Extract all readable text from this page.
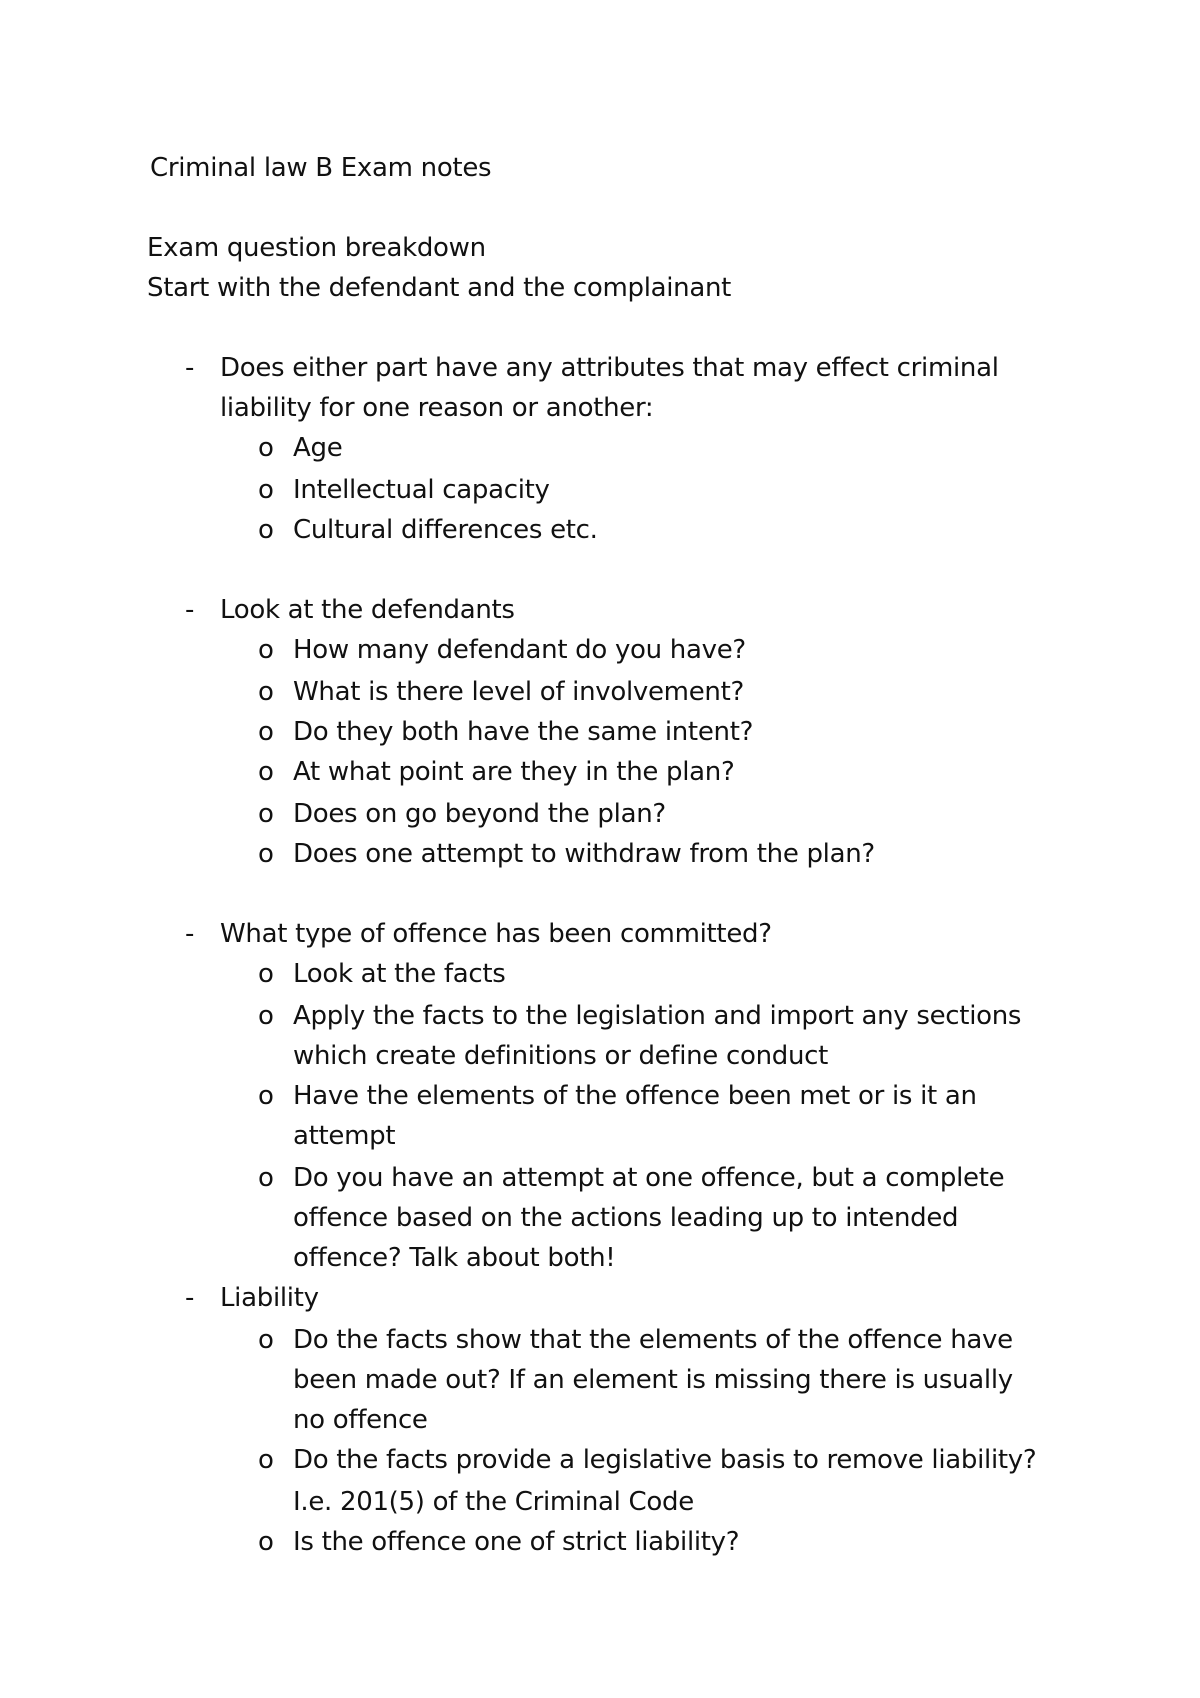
Criminal law B Exam notes
Exam question breakdown
Start with the defendant and the complainant
- Does either part have any attributes that may effect criminal
liability for one reason or another:
o Age
o Intellectual capacity
o Cultural differences etc.
- Look at the defendants
o How many defendant do you have?
o What is there level of involvement?
o Do they both have the same intent?
o At what point are they in the plan?
o Does on go beyond the plan?
o Does one attempt to withdraw from the plan?
- What type of offence has been committed?
o Look at the facts
o Apply the facts to the legislation and import any sections
which create definitions or define conduct
o Have the elements of the offence been met or is it an
attempt
o Do you have an attempt at one offence, but a complete
offence based on the actions leading up to intended
offence? Talk about both!
- Liability
o Do the facts show that the elements of the offence have
been made out? If an element is missing there is usually
no offence
o Do the facts provide a legislative basis to remove liability?
I.e. 201(5) of the Criminal Code
o Is the offence one of strict liability?
